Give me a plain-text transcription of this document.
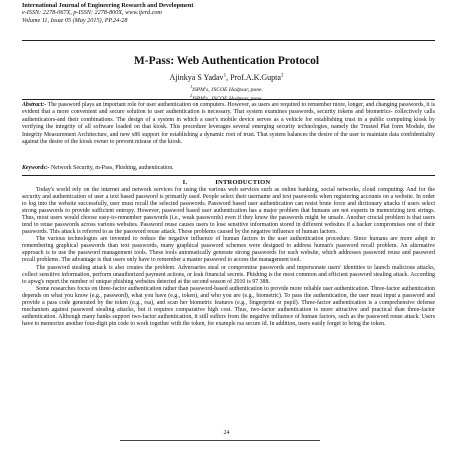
International Journal of Engineering Research and Development
e-ISSN: 2278-067X, p-ISSN: 2278-800X, www.ijerd.com
Volume 11, Issue 05 (May 2015), PP.24-28
M-Pass: Web Authentication Protocol
Ajinkya S Yadav$^1$, Prof.A.K.Gupta$^2$
$^1$ISPM's, JSCOE Hadpsar, pune.
$^2$ISPM's, JSCOE Hadpsar, pune.
Abstract:- The password plays an important role for user authentication on computers. However, as users are required to remember more, longer, and changing passwords, it is evident that a more convenient and secure solution to user authentication is necessary. That system examines passwords, security tokens and biometrics- collectively calls authenticators-and their combinations. The design of a system in which a user's mobile device serves as a vehicle for establishing trust in a public computing kiosk by verifying the integrity of all software loaded on that kiosk. This procedure leverages several emerging security technologies, namely the Trusted Plat form Module, the Integrity Measurement Architecture, and new x86 support for establishing a dynamic root of trust. That system balances the desire of the user to maintain data confidentiality against the desire of the kiosk owner to prevent misuse of the kiosk.
Keywords:- Network Security, m-Pass, Phishing, authentication.
I.	INTRODUCTION

Today's world rely on the internet and network services for using the various web services such as online banking, social networks, cloud computing. And for the security and authentication of user a text based password is primarily used. People select their username and text passwords when registering accounts on a website. In order to log into the website successfully, user must recall the selected passwords. Password based user authentication can resist brute force and dictionary attacks if users select strong passwords to provide sufficient entropy. However, password based user authentication has a major problem that humans are not experts in memorizing text strings. Thus, most users would choose easy-to-remember passwords (i.e., weak passwords) even if they know the passwords might be unsafe. Another crucial problem is that users tend to reuse passwords across various websites. Password reuse causes users to lose sensitive information stored in different websites if a hacker compromises one of their passwords. This attack is referred to as the password reuse attack. Those problems caused by the negative influence of human factors.

The various technologies are invented to reduce the negative influence of human factors in the user authentication procedure. Since humans are more adept in remembering graphical passwords than text passwords, many graphical password schemes were designed to address human's password recall problem. An alternative approach is to use the password management tools. These tools automatically generate strong passwords for each website, which addresses password reuse and password recall problems. The advantage is that users only have to remember a master password to access the management tool.

The password stealing attack is also creates the problem. Adversaries steal or compromise passwords and impersonate users' identities to launch malicious attacks, collect sensitive information, perform unauthorized payment actions, or leak financial secrets. Phishing is the most common and efficient password stealing attack. According to apwg's report the number of unique phishing websites detected at the second season of 2010 is 97 388.

Some researches focus on three-factor authentication rather than password-based authentication to provide more reliable user authentication. Three-factor authentication depends on what you know (e.g., password), what you have (e.g., token), and who you are (e.g., biometric). To pass the authentication, the user must input a password and provide a pass code generated by the token (e.g., rsa), and scan her biometric features (e.g., fingerprint or pupil). Three-factor authentication is a comprehensive defense mechanism against password stealing attacks, but it requires comparative high cost. Thus, two-factor authentication is more attractive and practical than three-factor authentication. Although many banks support two-factor authentication, it still suffers from the negative influence of human factors, such as the password reuse attack. Users have to memorize another four-digit pin code to work together with the token, for example rsa secure id. In addition, users easily forget to bring the token.

24
